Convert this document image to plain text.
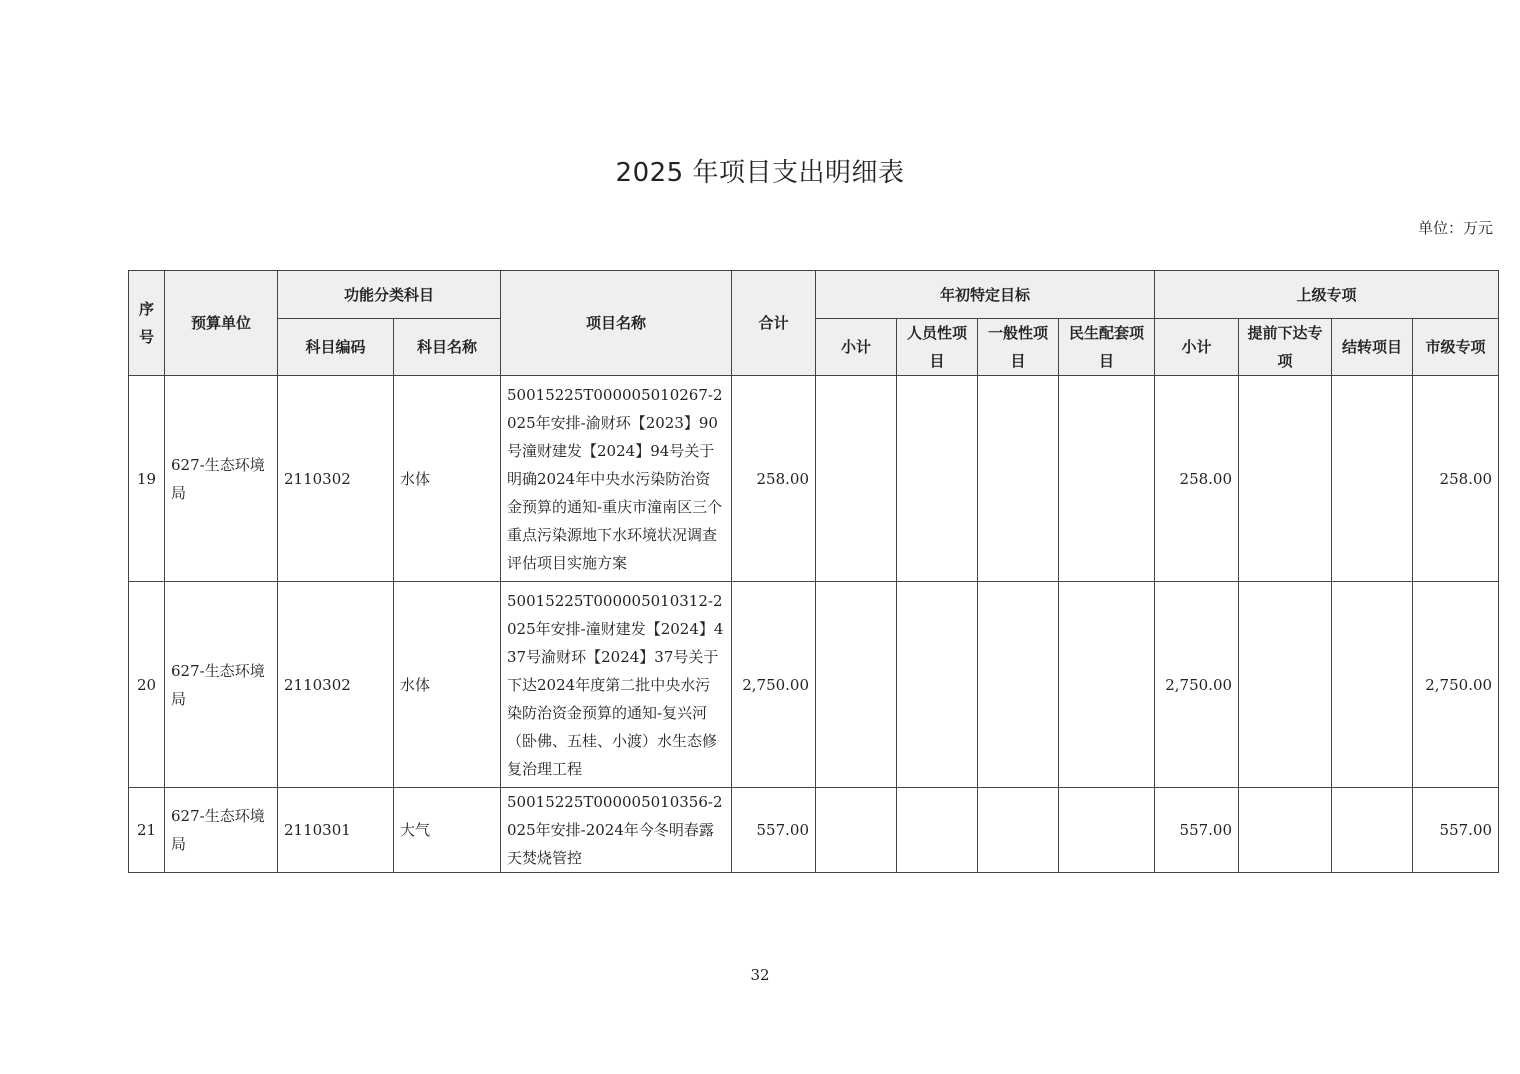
2025 年项目支出明细表
单位：万元
序号	预算单位	功能分类科目		项目名称	合计	年初特定目标				上级专项			
		科目编码	科目名称			小计	人员性项目	一般性项目	民生配套项目	小计	提前下达专项	结转项目	市级专项
19	627-生态环境局	2110302	水体	50015225T000005010267-2025年安排-渝财环【2023】90号潼财建发【2024】94号关于明确2024年中央水污染防治资金预算的通知-重庆市潼南区三个重点污染源地下水环境状况调查评估项目实施方案	258.00					258.00			258.00
20	627-生态环境局	2110302	水体	50015225T000005010312-2025年安排-潼财建发【2024】437号渝财环【2024】37号关于下达2024年度第二批中央水污染防治资金预算的通知-复兴河（卧佛、五桂、小渡）水生态修复治理工程	2,750.00					2,750.00			2,750.00
21	627-生态环境局	2110301	大气	50015225T000005010356-2025年安排-2024年今冬明春露天焚烧管控	557.00					557.00			557.00
32
